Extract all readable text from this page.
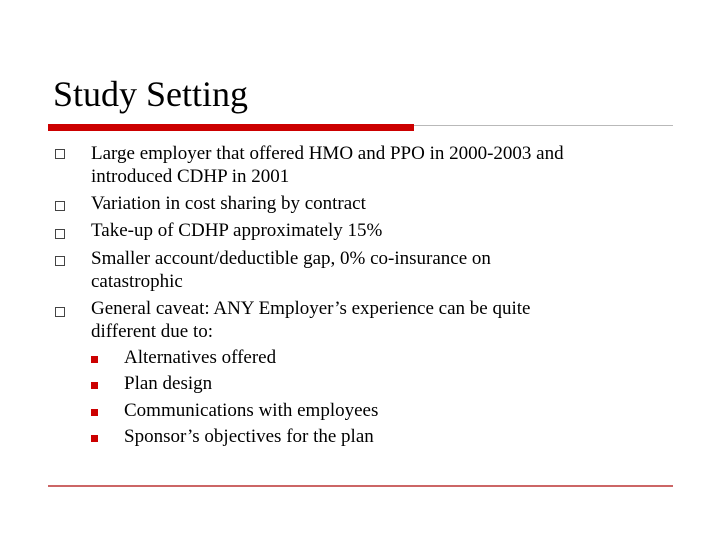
Study Setting
Large employer that offered HMO and PPO in 2000-2003 and
introduced CDHP in 2001
Variation in cost sharing by contract
Take-up of CDHP approximately 15%
Smaller account/deductible gap, 0% co-insurance on
catastrophic
General caveat: ANY Employer’s experience can be quite
different due to:
Alternatives offered
Plan design
Communications with employees
Sponsor’s objectives for the plan
